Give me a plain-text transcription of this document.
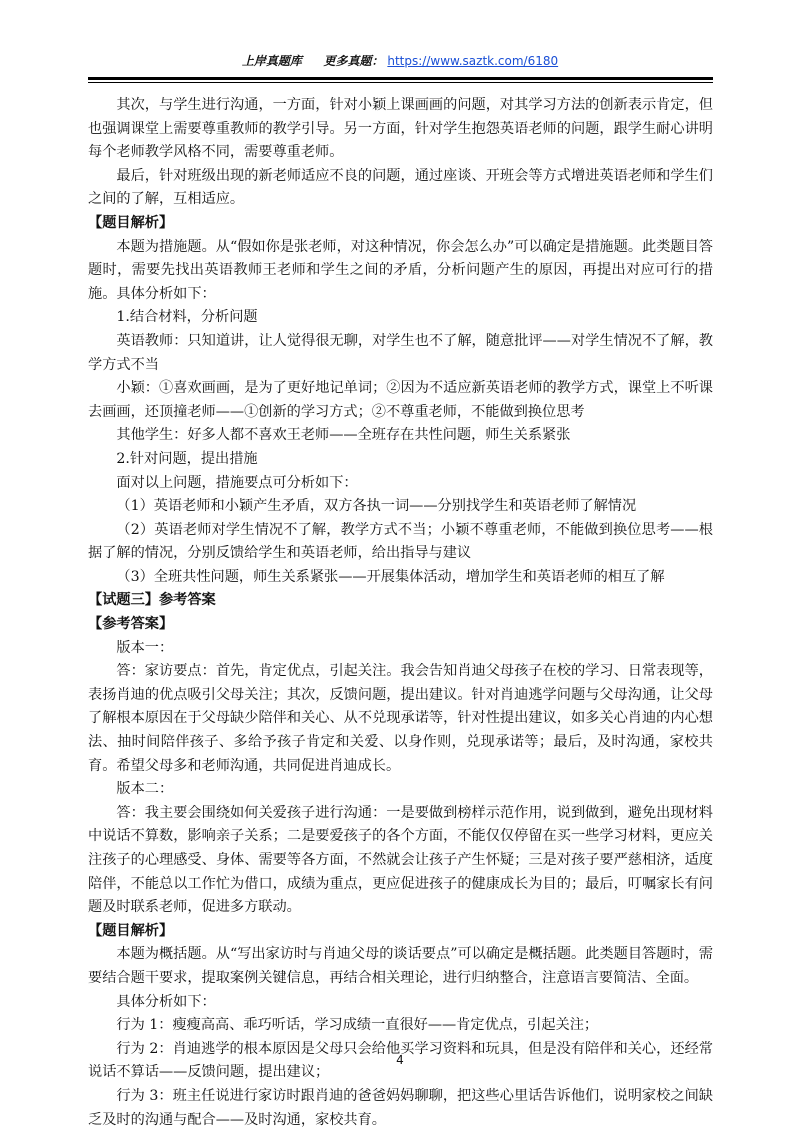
上岸真题库 更多真题： https://www.saztk.com/6180

其次，与学生进行沟通，一方面，针对小颖上课画画的问题，对其学习方法的创新表示肯定，但也强调课堂上需要尊重教师的教学引导。另一方面，针对学生抱怨英语老师的问题，跟学生耐心讲明每个老师教学风格不同，需要尊重老师。

最后，针对班级出现的新老师适应不良的问题，通过座谈、开班会等方式增进英语老师和学生们之间的了解，互相适应。

【题目解析】

本题为措施题。从“假如你是张老师，对这种情况，你会怎么办”可以确定是措施题。此类题目答题时，需要先找出英语教师王老师和学生之间的矛盾，分析问题产生的原因，再提出对应可行的措施。具体分析如下：

1.结合材料，分析问题

英语教师：只知道讲，让人觉得很无聊，对学生也不了解，随意批评——对学生情况不了解，教学方式不当

小颖：①喜欢画画，是为了更好地记单词；②因为不适应新英语老师的教学方式，课堂上不听课去画画，还顶撞老师——①创新的学习方式；②不尊重老师，不能做到换位思考

其他学生：好多人都不喜欢王老师——全班存在共性问题，师生关系紧张

2.针对问题，提出措施

面对以上问题，措施要点可分析如下：

（1）英语老师和小颖产生矛盾，双方各执一词——分别找学生和英语老师了解情况

（2）英语老师对学生情况不了解，教学方式不当；小颖不尊重老师，不能做到换位思考——根据了解的情况，分别反馈给学生和英语老师，给出指导与建议

（3）全班共性问题，师生关系紧张——开展集体活动，增加学生和英语老师的相互了解

【试题三】参考答案

【参考答案】

版本一：

答：家访要点：首先，肯定优点，引起关注。我会告知肖迪父母孩子在校的学习、日常表现等，表扬肖迪的优点吸引父母关注；其次，反馈问题，提出建议。针对肖迪逃学问题与父母沟通，让父母了解根本原因在于父母缺少陪伴和关心、从不兑现承诺等，针对性提出建议，如多关心肖迪的内心想法、抽时间陪伴孩子、多给予孩子肯定和关爱、以身作则，兑现承诺等；最后，及时沟通，家校共育。希望父母多和老师沟通，共同促进肖迪成长。

版本二：

答：我主要会围绕如何关爱孩子进行沟通：一是要做到榜样示范作用，说到做到，避免出现材料中说话不算数，影响亲子关系；二是要爱孩子的各个方面，不能仅仅停留在买一些学习材料，更应关注孩子的心理感受、身体、需要等各方面，不然就会让孩子产生怀疑；三是对孩子要严慈相济，适度陪伴，不能总以工作忙为借口，成绩为重点，更应促进孩子的健康成长为目的；最后，叮嘱家长有问题及时联系老师，促进多方联动。

【题目解析】

本题为概括题。从“写出家访时与肖迪父母的谈话要点”可以确定是概括题。此类题目答题时，需要结合题干要求，提取案例关键信息，再结合相关理论，进行归纳整合，注意语言要简洁、全面。

具体分析如下：

行为 1：瘦瘦高高、乖巧听话，学习成绩一直很好——肯定优点，引起关注；

行为 2：肖迪逃学的根本原因是父母只会给他买学习资料和玩具，但是没有陪伴和关心，还经常说话不算话——反馈问题，提出建议；

行为 3：班主任说进行家访时跟肖迪的爸爸妈妈聊聊，把这些心里话告诉他们，说明家校之间缺乏及时的沟通与配合——及时沟通，家校共育。

4
